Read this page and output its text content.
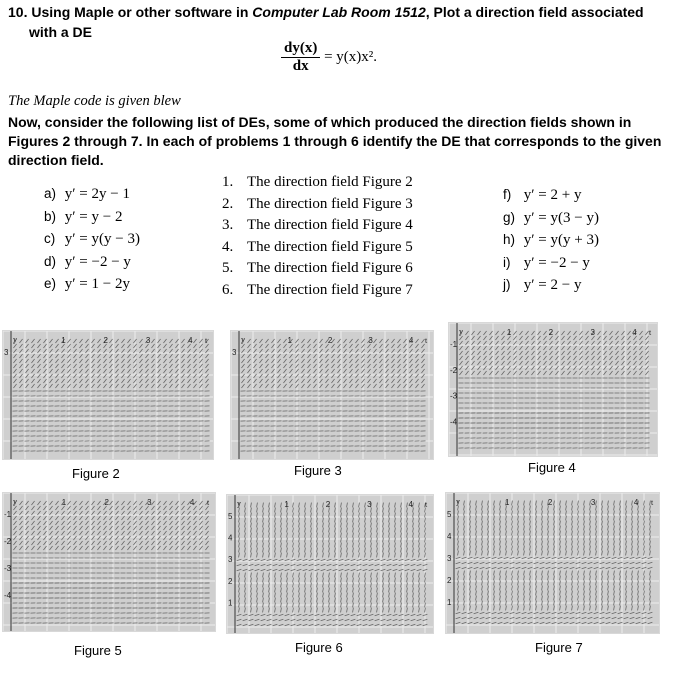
10. Using Maple or other software in Computer Lab Room 1512, Plot a direction field associated
with a DE
$\frac{dy(x)}{dx} = y(x)x^2$.
The Maple code is given blew
Now, consider the following list of DEs, some of which produced the direction fields shown in
Figures 2 through 7. In each of problems 1 through 6 identify the DE that corresponds to the given
direction field.
a) y′ = 2y − 1
b) y′ = y − 2
c) y′ = y(y − 3)
d) y′ = −2 − y
e) y′ = 1 − 2y
1. The direction field Figure 2
2. The direction field Figure 3
3. The direction field Figure 4
4. The direction field Figure 5
5. The direction field Figure 6
6. The direction field Figure 7
f) y′ = 2 + y
g) y′ = y(3 − y)
h) y′ = y(y + 3)
i) y′ = −2 − y
j) y′ = 2 − y
y	t
1	2	3	4
3
Figure 2
y	t
1	2	3	4
3
Figure 3
y	t
1	2	3	4
-1
-2
-3
-4
Figure 4
y	t
1	2	3	4
-1
-2
-3
-4
Figure 5
y	t
1	2	3	4
5
4
3
2
1
Figure 6
y	t
1	2	3	4
5
4
3
2
1
Figure 7
